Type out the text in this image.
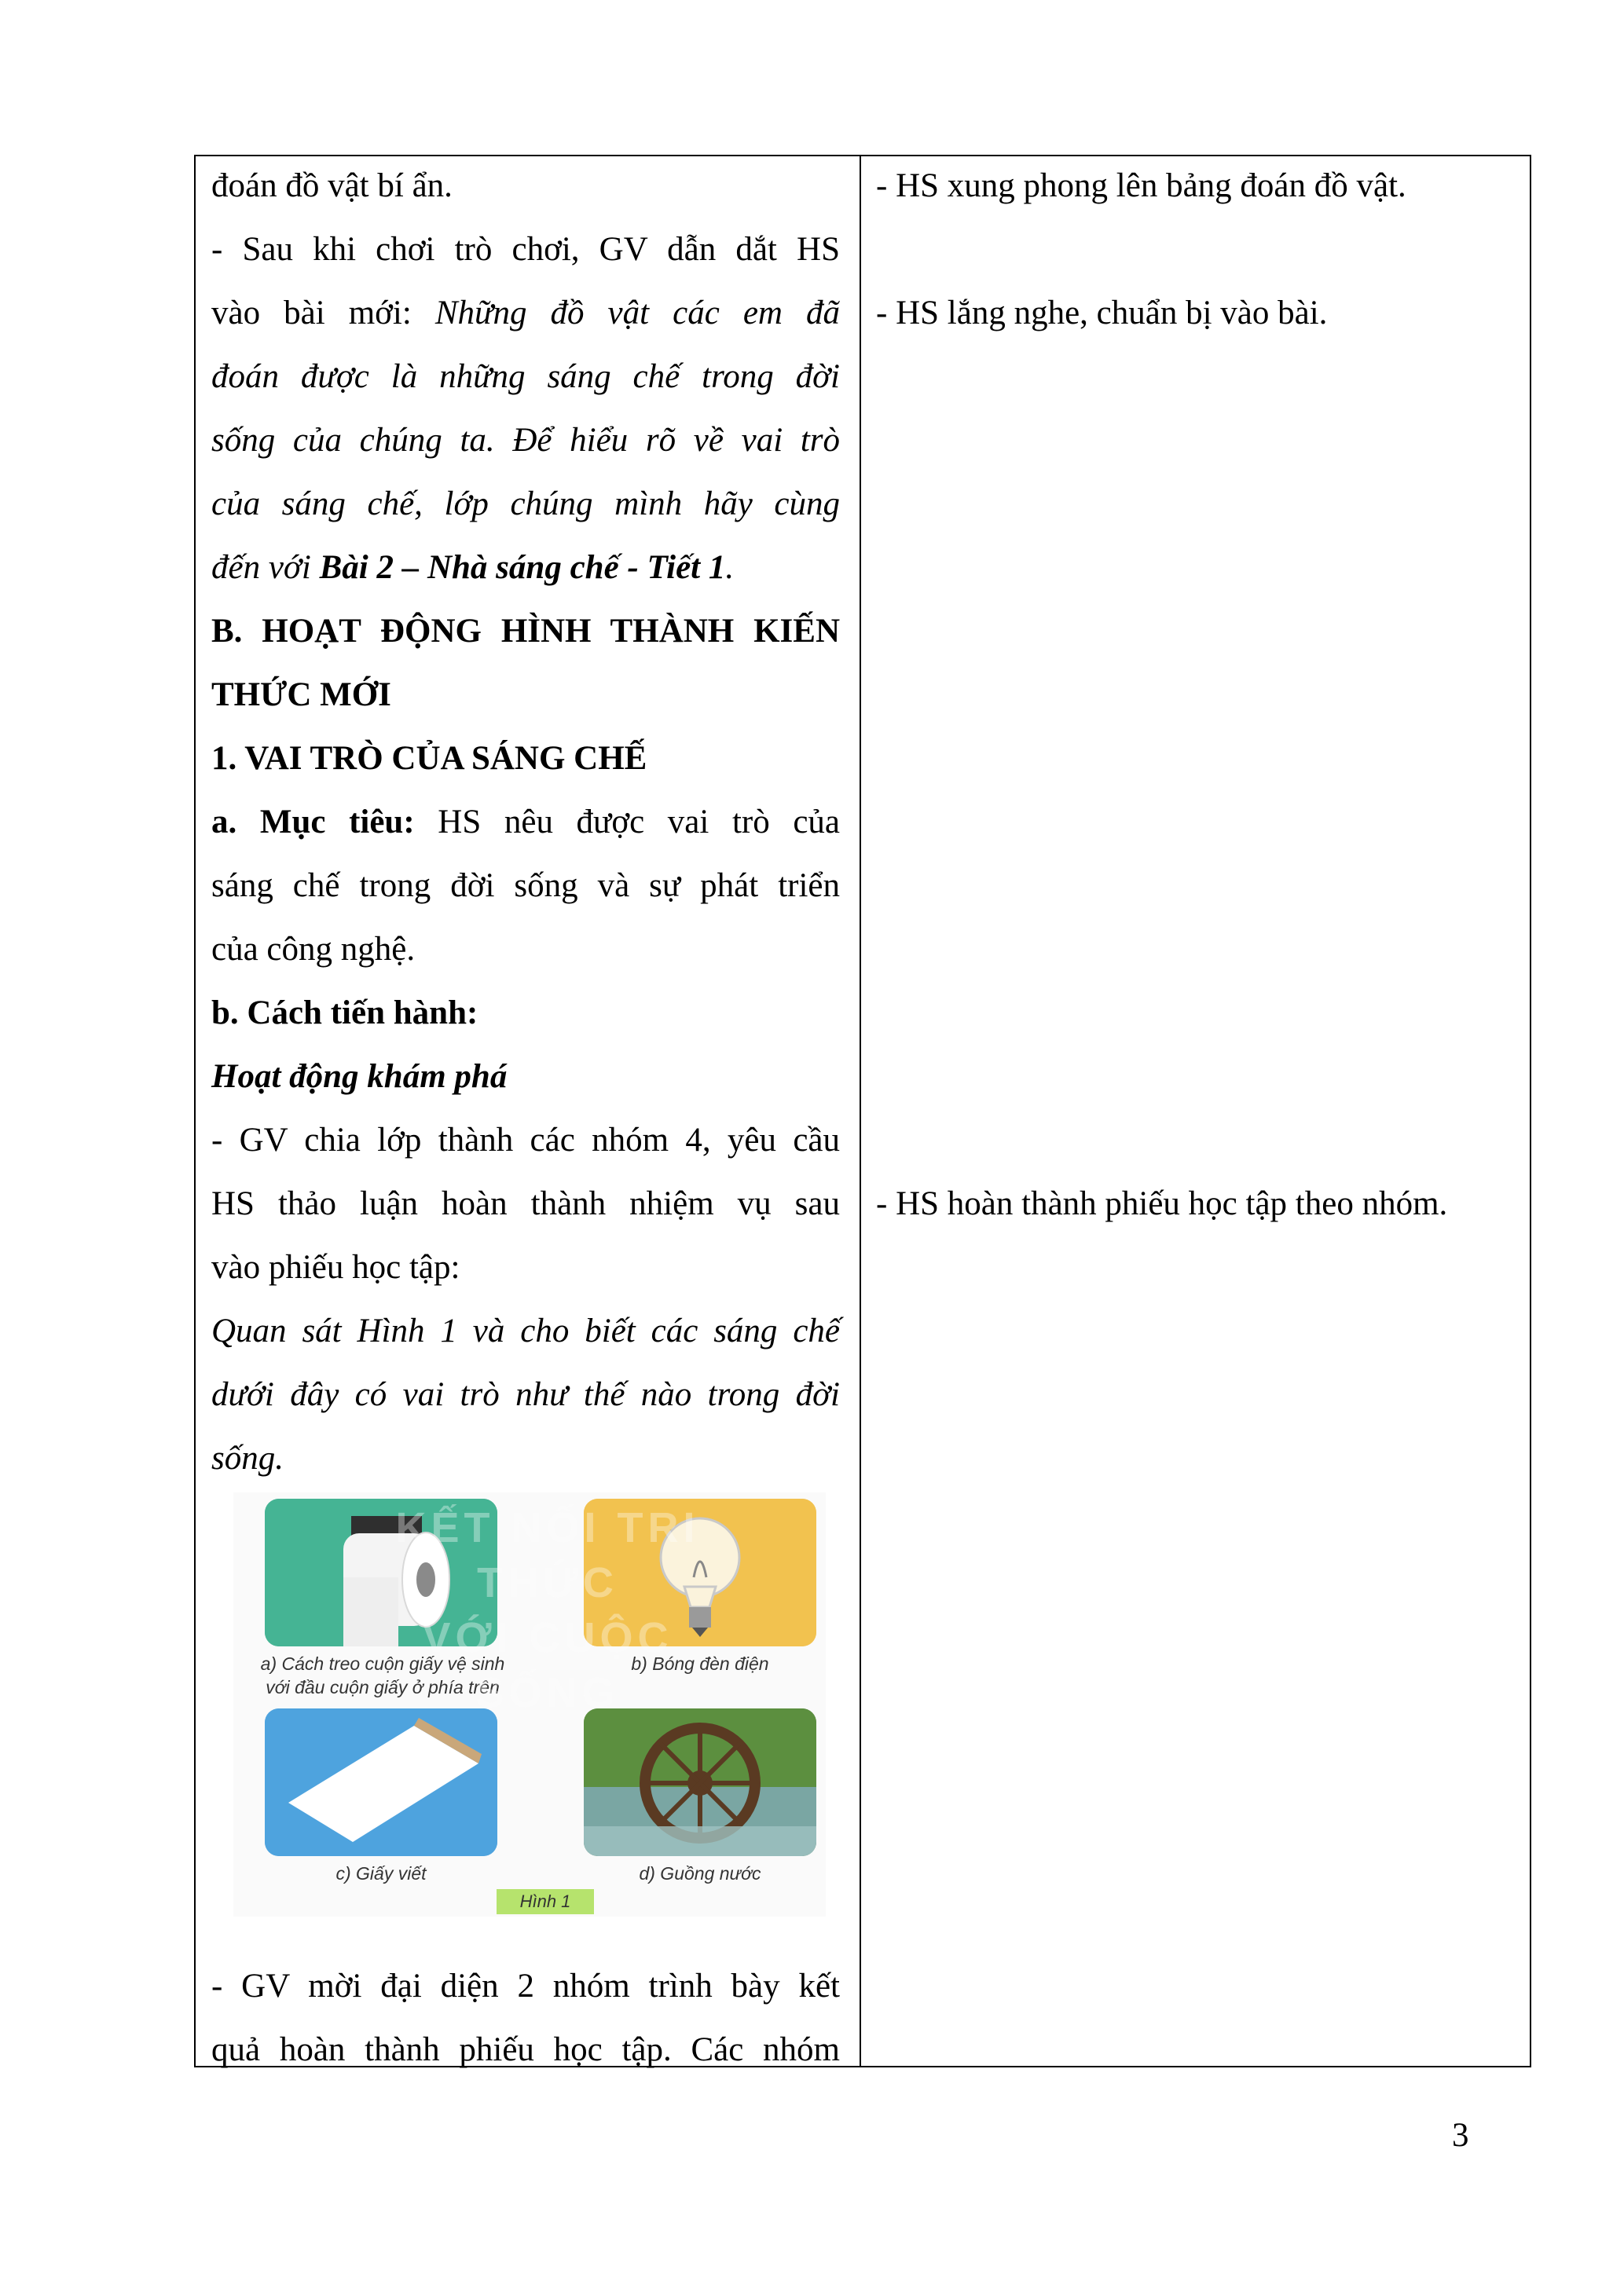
đoán đồ vật bí ẩn.
- Sau khi chơi trò chơi, GV dẫn dắt HS
vào bài mới: Những đồ vật các em đã
đoán được là những sáng chế trong đời
sống của chúng ta. Để hiểu rõ về vai trò
của sáng chế, lớp chúng mình hãy cùng
đến với Bài 2 – Nhà sáng chế - Tiết 1.
B. HOẠT ĐỘNG HÌNH THÀNH KIẾN
THỨC MỚI
1. VAI TRÒ CỦA SÁNG CHẾ
a. Mục tiêu: HS nêu được vai trò của
sáng chế trong đời sống và sự phát triển
của công nghệ.
b. Cách tiến hành:
Hoạt động khám phá
- GV chia lớp thành các nhóm 4, yêu cầu
HS thảo luận hoàn thành nhiệm vụ sau
vào phiếu học tập:
Quan sát Hình 1 và cho biết các sáng chế
dưới đây có vai trò như thế nào trong đời
sống.
- GV mời đại diện 2 nhóm trình bày kết
quả hoàn thành phiếu học tập. Các nhóm
- HS xung phong lên bảng đoán đồ vật.
- HS lắng nghe, chuẩn bị vào bài.
- HS hoàn thành phiếu học tập theo nhóm.
a) Cách treo cuộn giấy vệ sinh
với đầu cuộn giấy ở phía trên
b) Bóng đèn điện
c) Giấy viết	d) Guồng nước
KẾT NỐI TRI THỨC
VỚI CUỘC SỐNG
Hình 1
3
